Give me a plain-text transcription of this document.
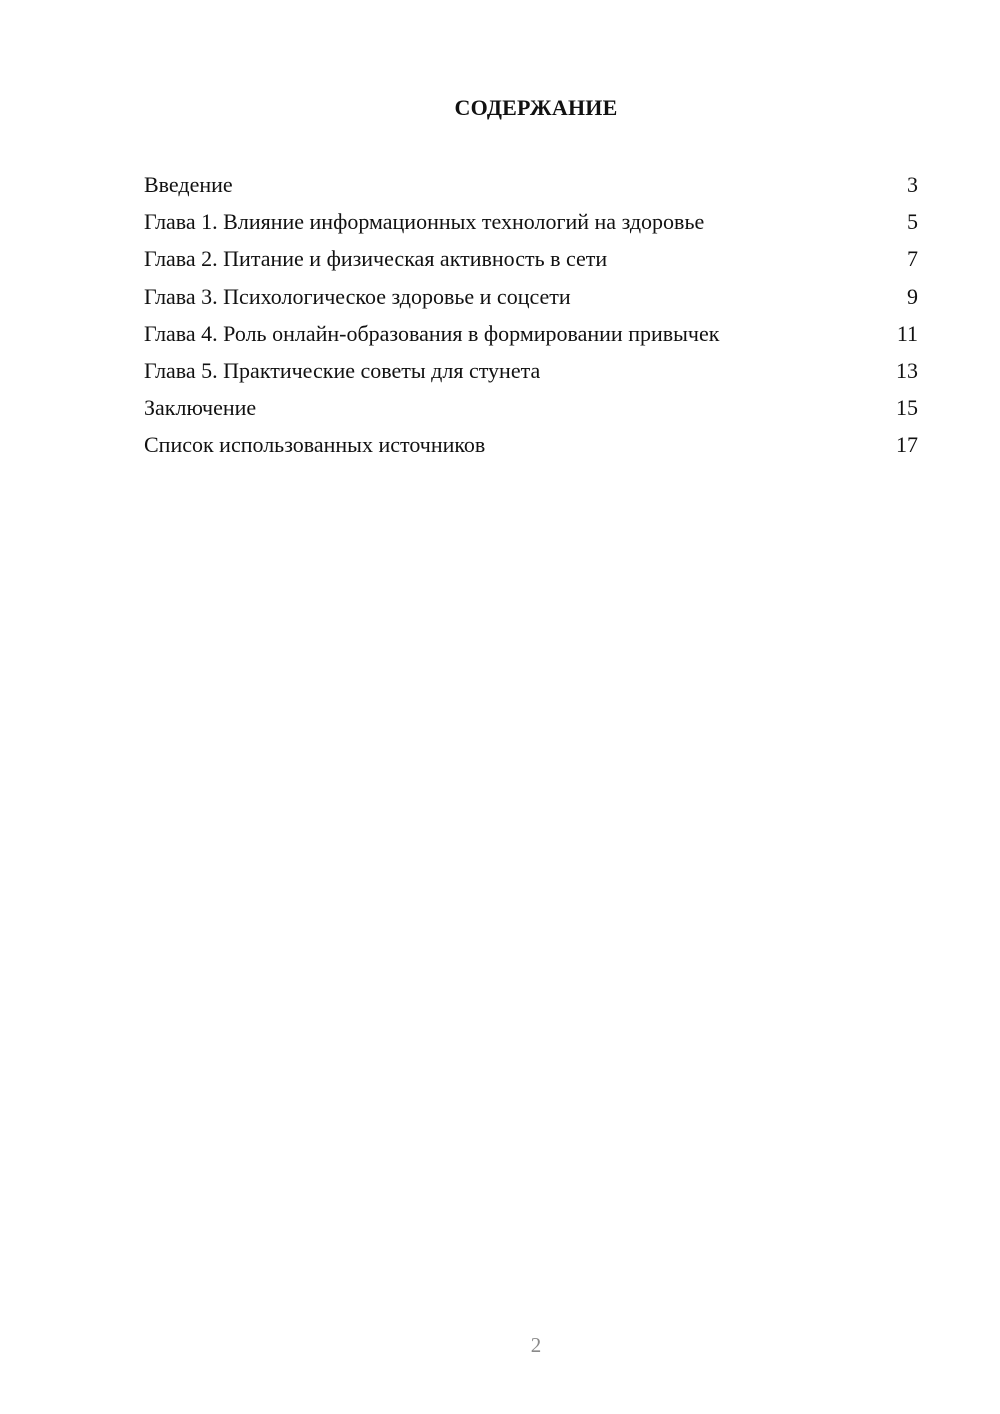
СОДЕРЖАНИЕ
Введение	3
Глава 1. Влияние информационных технологий на здоровье	5
Глава 2. Питание и физическая активность в сети	7
Глава 3. Психологическое здоровье и соцсети	9
Глава 4. Роль онлайн-образования в формировании привычек	11
Глава 5. Практические советы для стунета	13
Заключение	15
Список использованных источников	17
2
